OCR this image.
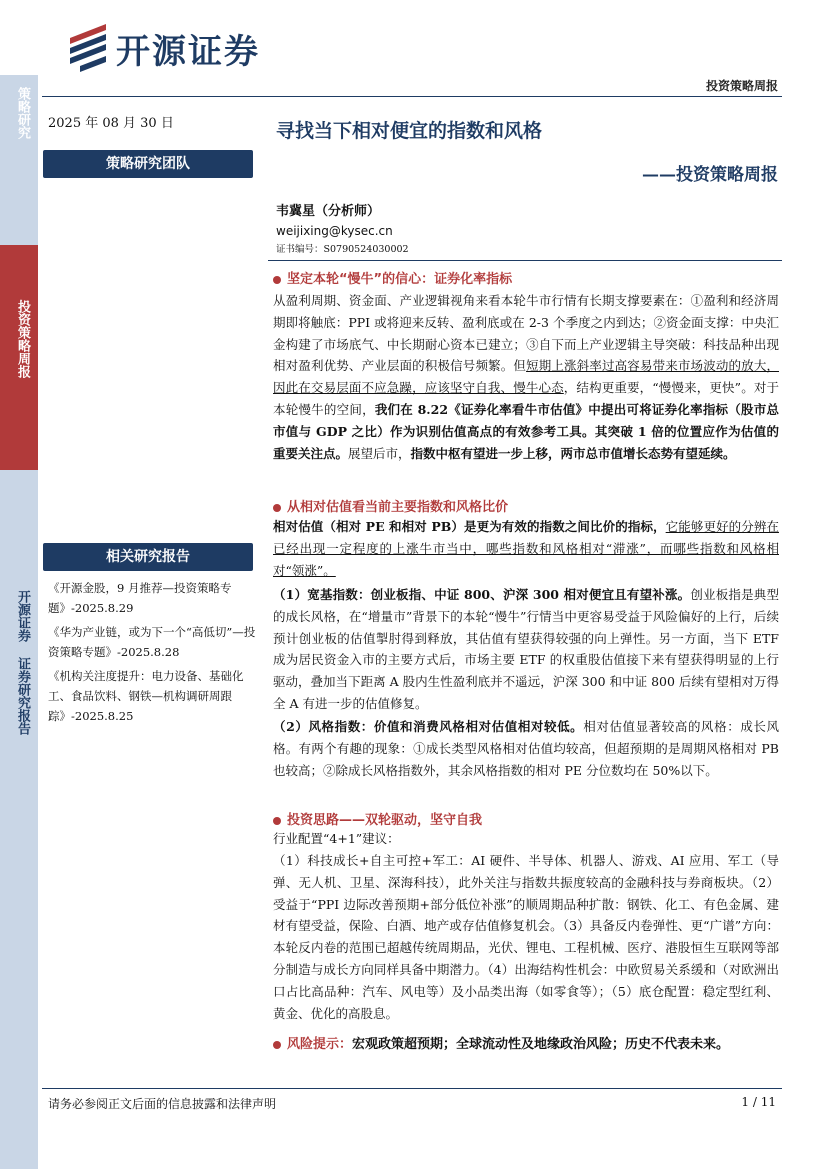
策略研究
投资策略周报
开源证券 证券研究报告
开源证券
投资策略周报
2025 年 08 月 30 日	寻找当下相对便宜的指数和风格
——投资策略周报
策略研究团队
韦冀星（分析师）
weijixing@kysec.cn
证书编号：S0790524030002
相关研究报告
《开源金股，9 月推荐—投资策略专题》-2025.8.29
《华为产业链，或为下一个“高低切”—投资策略专题》-2025.8.28
《机构关注度提升：电力设备、基础化工、食品饮料、钢铁—机构调研周跟踪》-2025.8.25
坚定本轮“慢牛”的信心：证券化率指标
从盈利周期、资金面、产业逻辑视角来看本轮牛市行情有长期支撑要素在：①盈利和经济周期即将触底：PPI 或将迎来反转、盈利底或在 2-3 个季度之内到达；②资金面支撑：中央汇金构建了市场底气、中长期耐心资本已建立；③自下而上产业逻辑主导突破：科技品种出现相对盈利优势、产业层面的积极信号频繁。但短期上涨斜率过高容易带来市场波动的放大，因此在交易层面不应急躁，应该坚守自我、慢牛心态，结构更重要，“慢慢来，更快”。对于本轮慢牛的空间，我们在 8.22《证券化率看牛市估值》中提出可将证券化率指标（股市总市值与 GDP 之比）作为识别估值高点的有效参考工具。其突破 1 倍的位置应作为估值的重要关注点。展望后市，指数中枢有望进一步上移，两市总市值增长态势有望延续。
从相对估值看当前主要指数和风格比价
相对估值（相对 PE 和相对 PB）是更为有效的指数之间比价的指标，它能够更好的分辨在已经出现一定程度的上涨牛市当中，哪些指数和风格相对“滞涨”，而哪些指数和风格相对“领涨”。
（1）宽基指数：创业板指、中证 800、沪深 300 相对便宜且有望补涨。创业板指是典型的成长风格，在“增量市”背景下的本轮“慢牛”行情当中更容易受益于风险偏好的上行，后续预计创业板的估值掣肘得到释放，其估值有望获得较强的向上弹性。另一方面，当下 ETF 成为居民资金入市的主要方式后，市场主要 ETF 的权重股估值接下来有望获得明显的上行驱动，叠加当下距离 A 股内生性盈利底并不遥远，沪深 300 和中证 800 后续有望相对万得全 A 有进一步的估值修复。
（2）风格指数：价值和消费风格相对估值相对较低。相对估值显著较高的风格：成长风格。有两个有趣的现象：①成长类型风格相对估值均较高，但超预期的是周期风格相对 PB 也较高；②除成长风格指数外，其余风格指数的相对 PE 分位数均在 50%以下。
投资思路——双轮驱动，坚守自我
行业配置“4+1”建议：
（1）科技成长+自主可控+军工：AI 硬件、半导体、机器人、游戏、AI 应用、军工（导弹、无人机、卫星、深海科技），此外关注与指数共振度较高的金融科技与券商板块。（2）受益于“PPI 边际改善预期+部分低位补涨”的顺周期品种扩散：钢铁、化工、有色金属、建材有望受益，保险、白酒、地产或存估值修复机会。（3）具备反内卷弹性、更“广谱”方向：本轮反内卷的范围已超越传统周期品，光伏、锂电、工程机械、医疗、港股恒生互联网等部分制造与成长方向同样具备中期潜力。（4）出海结构性机会：中欧贸易关系缓和（对欧洲出口占比高品种：汽车、风电等）及小品类出海（如零食等）；（5）底仓配置：稳定型红利、黄金、优化的高股息。
风险提示：宏观政策超预期；全球流动性及地缘政治风险；历史不代表未来。
请务必参阅正文后面的信息披露和法律声明	1 / 11
